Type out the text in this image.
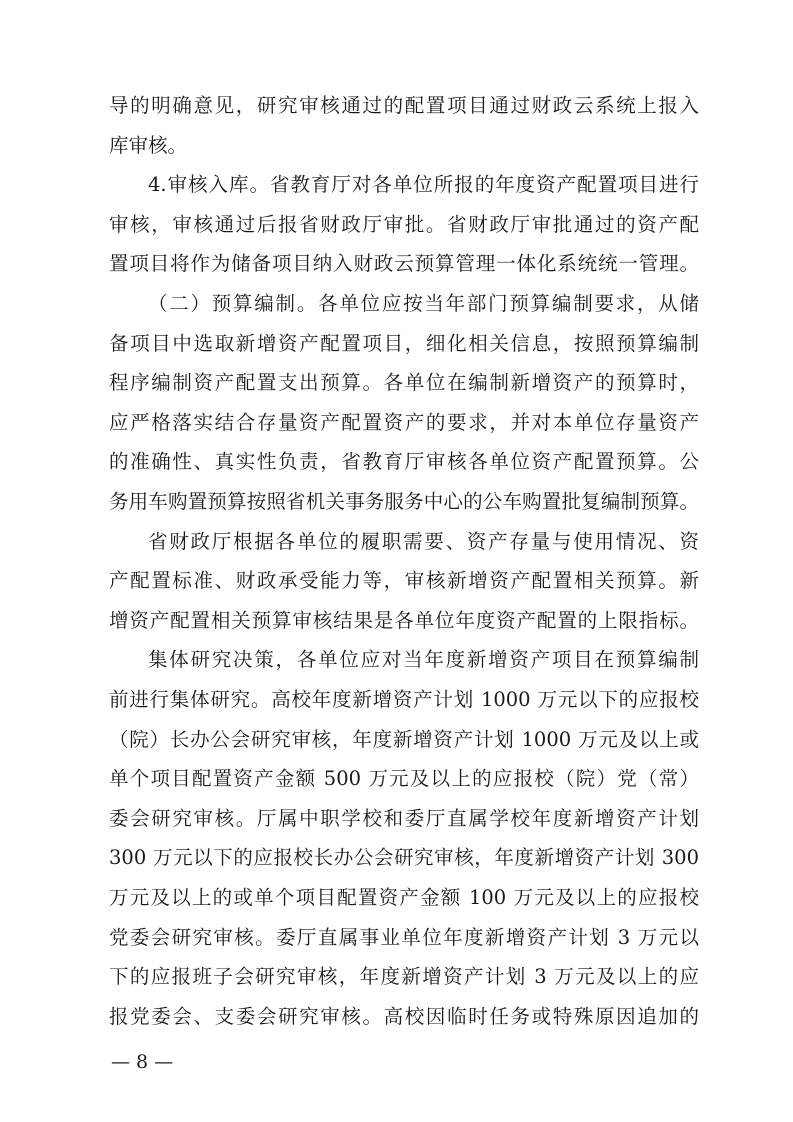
导的明确意见，研究审核通过的配置项目通过财政云系统上报入
库审核。
4.审核入库。省教育厅对各单位所报的年度资产配置项目进行
审核，审核通过后报省财政厅审批。省财政厅审批通过的资产配
置项目将作为储备项目纳入财政云预算管理一体化系统统一管理。
（二）预算编制。各单位应按当年部门预算编制要求，从储
备项目中选取新增资产配置项目，细化相关信息，按照预算编制
程序编制资产配置支出预算。各单位在编制新增资产的预算时，
应严格落实结合存量资产配置资产的要求，并对本单位存量资产
的准确性、真实性负责，省教育厅审核各单位资产配置预算。公
务用车购置预算按照省机关事务服务中心的公车购置批复编制预算。
省财政厅根据各单位的履职需要、资产存量与使用情况、资
产配置标准、财政承受能力等，审核新增资产配置相关预算。新
增资产配置相关预算审核结果是各单位年度资产配置的上限指标。
集体研究决策，各单位应对当年度新增资产项目在预算编制
前进行集体研究。高校年度新增资产计划 1000 万元以下的应报校
（院）长办公会研究审核，年度新增资产计划 1000 万元及以上或
单个项目配置资产金额 500 万元及以上的应报校（院）党（常）
委会研究审核。厅属中职学校和委厅直属学校年度新增资产计划
300 万元以下的应报校长办公会研究审核，年度新增资产计划 300
万元及以上的或单个项目配置资产金额 100 万元及以上的应报校
党委会研究审核。委厅直属事业单位年度新增资产计划 3 万元以
下的应报班子会研究审核，年度新增资产计划 3 万元及以上的应
报党委会、支委会研究审核。高校因临时任务或特殊原因追加的
— 8 —
